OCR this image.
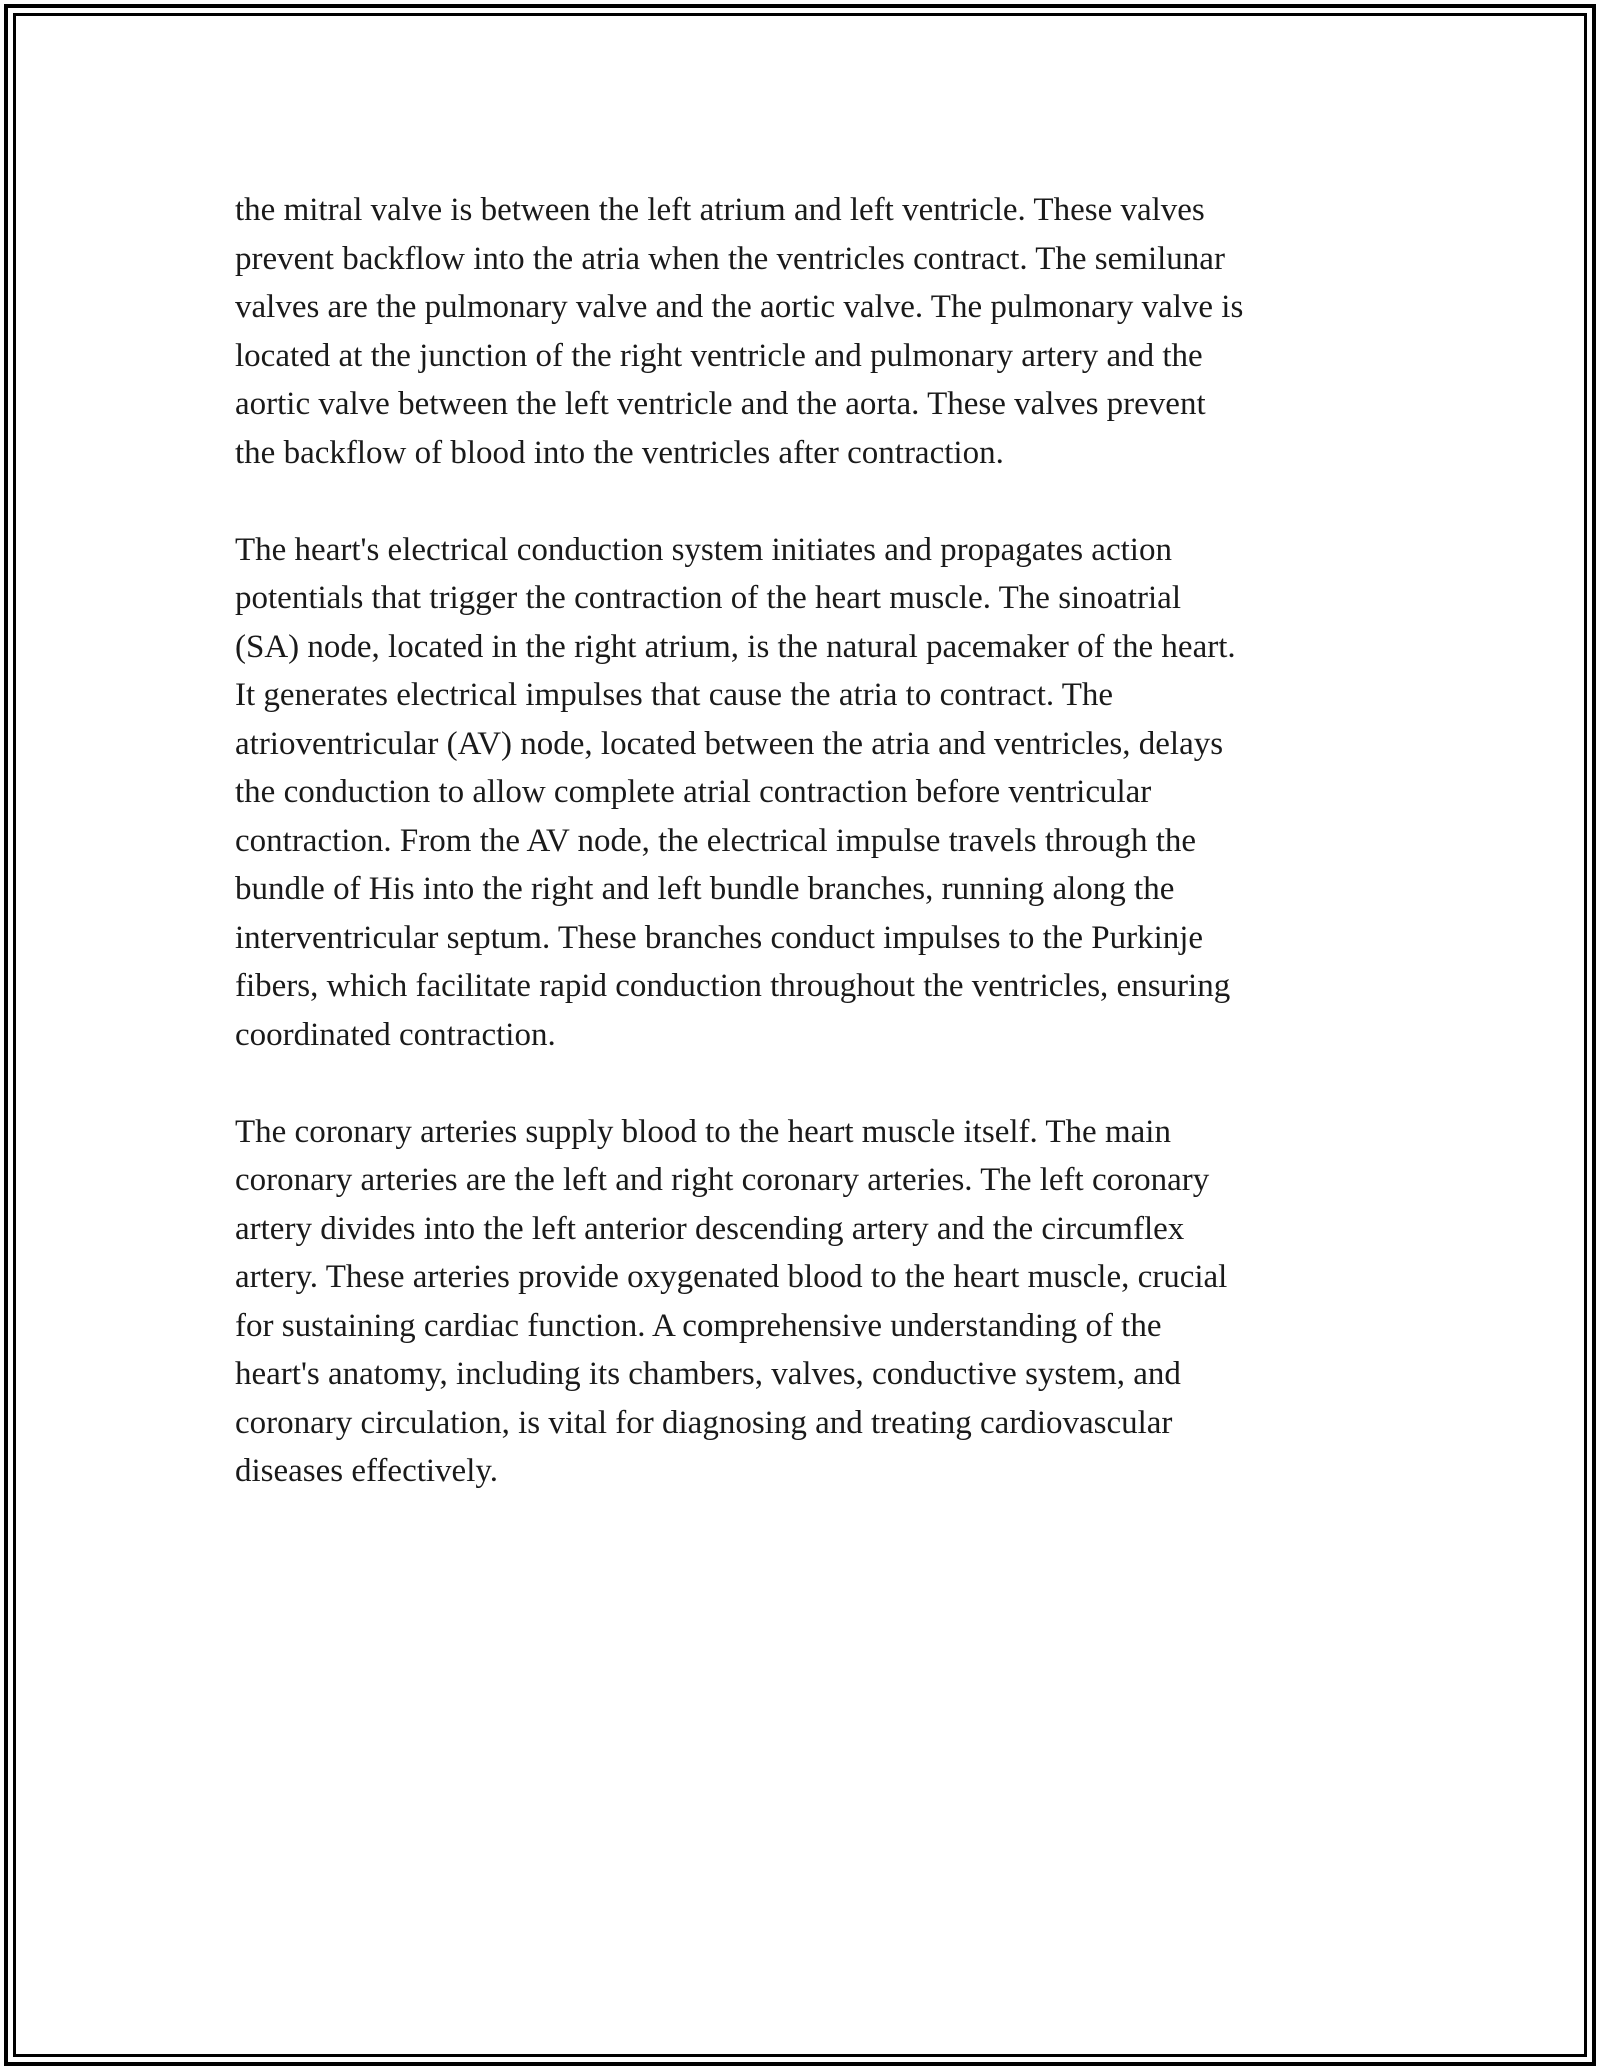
the mitral valve is between the left atrium and left ventricle. These valves
prevent backflow into the atria when the ventricles contract. The semilunar
valves are the pulmonary valve and the aortic valve. The pulmonary valve is
located at the junction of the right ventricle and pulmonary artery and the
aortic valve between the left ventricle and the aorta. These valves prevent
the backflow of blood into the ventricles after contraction.

The heart's electrical conduction system initiates and propagates action
potentials that trigger the contraction of the heart muscle. The sinoatrial
(SA) node, located in the right atrium, is the natural pacemaker of the heart.
It generates electrical impulses that cause the atria to contract. The
atrioventricular (AV) node, located between the atria and ventricles, delays
the conduction to allow complete atrial contraction before ventricular
contraction. From the AV node, the electrical impulse travels through the
bundle of His into the right and left bundle branches, running along the
interventricular septum. These branches conduct impulses to the Purkinje
fibers, which facilitate rapid conduction throughout the ventricles, ensuring
coordinated contraction.

The coronary arteries supply blood to the heart muscle itself. The main
coronary arteries are the left and right coronary arteries. The left coronary
artery divides into the left anterior descending artery and the circumflex
artery. These arteries provide oxygenated blood to the heart muscle, crucial
for sustaining cardiac function. A comprehensive understanding of the
heart's anatomy, including its chambers, valves, conductive system, and
coronary circulation, is vital for diagnosing and treating cardiovascular
diseases effectively.
